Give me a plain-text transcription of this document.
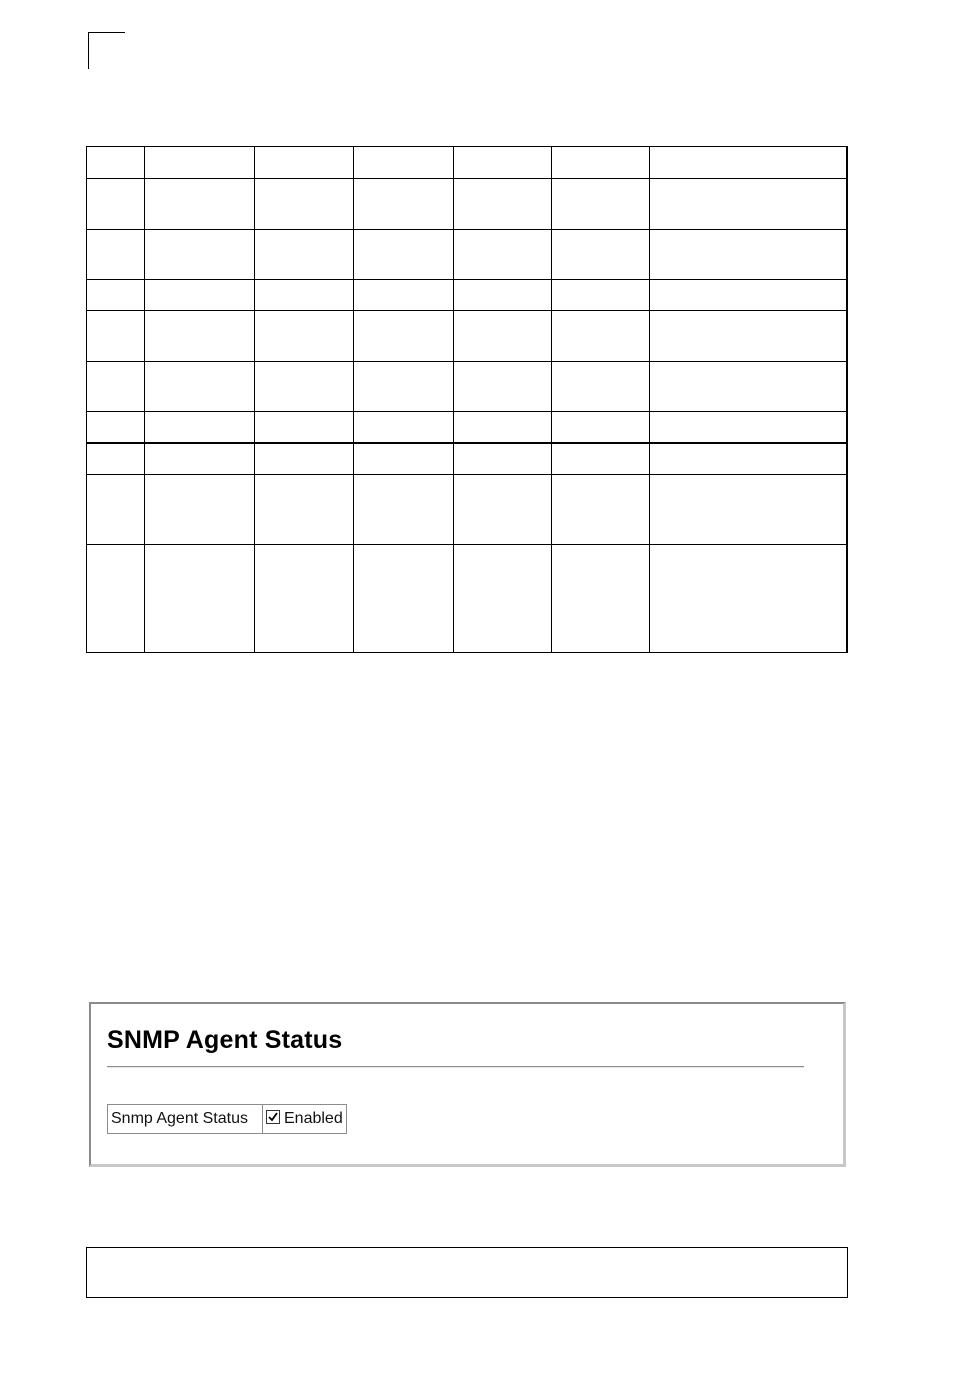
SNMP Agent Status
Snmp Agent Status	Enabled
